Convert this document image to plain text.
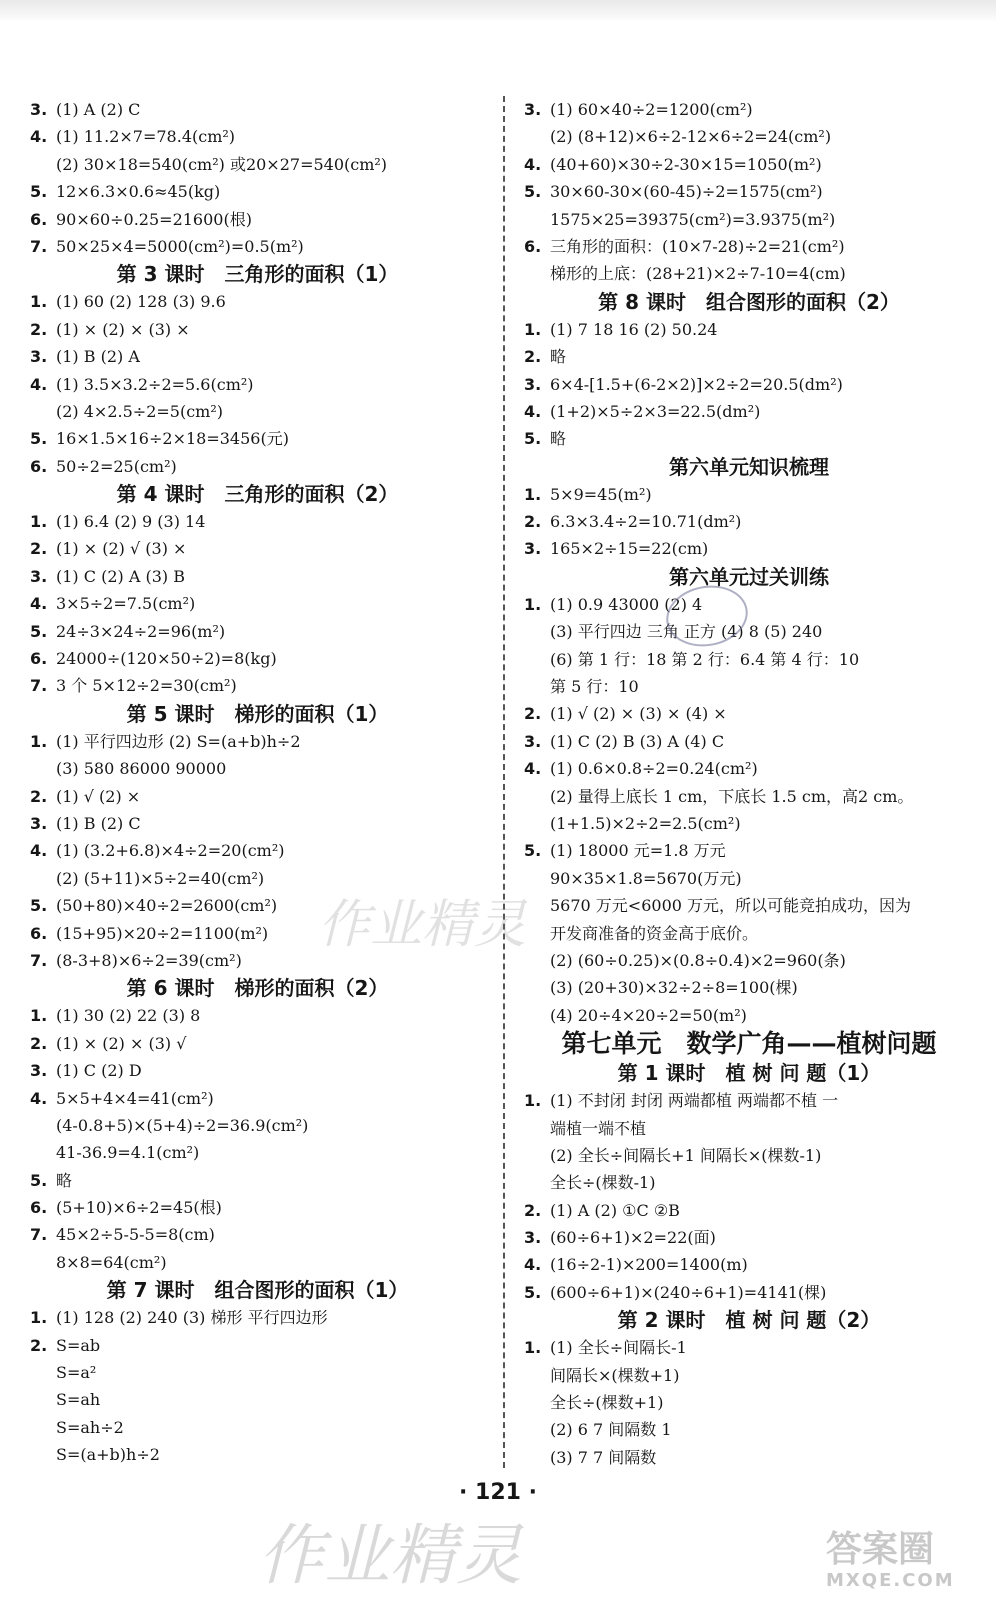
3. (1) A (2) C
4. (1) 11.2×7=78.4(cm²)
(2) 30×18=540(cm²) 或20×27=540(cm²)
5. 12×6.3×0.6≈45(kg)
6. 90×60÷0.25=21600(根)
7. 50×25×4=5000(cm²)=0.5(m²)
第 3 课时　三角形的面积（1）
1. (1) 60 (2) 128 (3) 9.6
2. (1) × (2) × (3) ×
3. (1) B (2) A
4. (1) 3.5×3.2÷2=5.6(cm²)
(2) 4×2.5÷2=5(cm²)
5. 16×1.5×16÷2×18=3456(元)
6. 50÷2=25(cm²)
第 4 课时　三角形的面积（2）
1. (1) 6.4 (2) 9 (3) 14
2. (1) × (2) √ (3) ×
3. (1) C (2) A (3) B
4. 3×5÷2=7.5(cm²)
5. 24÷3×24÷2=96(m²)
6. 24000÷(120×50÷2)=8(kg)
7. 3 个 5×12÷2=30(cm²)
第 5 课时　梯形的面积（1）
1. (1) 平行四边形 (2) S=(a+b)h÷2
(3) 580 86000 90000
2. (1) √ (2) ×
3. (1) B (2) C
4. (1) (3.2+6.8)×4÷2=20(cm²)
(2) (5+11)×5÷2=40(cm²)
5. (50+80)×40÷2=2600(cm²)
6. (15+95)×20÷2=1100(m²)
7. (8-3+8)×6÷2=39(cm²)
第 6 课时　梯形的面积（2）
1. (1) 30 (2) 22 (3) 8
2. (1) × (2) × (3) √
3. (1) C (2) D
4. 5×5+4×4=41(cm²)
(4-0.8+5)×(5+4)÷2=36.9(cm²)
41-36.9=4.1(cm²)
5. 略
6. (5+10)×6÷2=45(根)
7. 45×2÷5-5-5=8(cm)
8×8=64(cm²)
第 7 课时　组合图形的面积（1）
1. (1) 128 (2) 240 (3) 梯形 平行四边形
2. S=ab
S=a²
S=ah
S=ah÷2
S=(a+b)h÷2
3. (1) 60×40÷2=1200(cm²)
(2) (8+12)×6÷2-12×6÷2=24(cm²)
4. (40+60)×30÷2-30×15=1050(m²)
5. 30×60-30×(60-45)÷2=1575(cm²)
1575×25=39375(cm²)=3.9375(m²)
6. 三角形的面积：(10×7-28)÷2=21(cm²)
梯形的上底：(28+21)×2÷7-10=4(cm)
第 8 课时　组合图形的面积（2）
1. (1) 7 18 16 (2) 50.24
2. 略
3. 6×4-[1.5+(6-2×2)]×2÷2=20.5(dm²)
4. (1+2)×5÷2×3=22.5(dm²)
5. 略
第六单元知识梳理
1. 5×9=45(m²)
2. 6.3×3.4÷2=10.71(dm²)
3. 165×2÷15=22(cm)
第六单元过关训练
1. (1) 0.9 43000 (2) 4
(3) 平行四边 三角 正方 (4) 8 (5) 240
(6) 第 1 行：18 第 2 行：6.4 第 4 行：10
第 5 行：10
2. (1) √ (2) × (3) × (4) ×
3. (1) C (2) B (3) A (4) C
4. (1) 0.6×0.8÷2=0.24(cm²)
(2) 量得上底长 1 cm，下底长 1.5 cm，高2 cm。
(1+1.5)×2÷2=2.5(cm²)
5. (1) 18000 元=1.8 万元
90×35×1.8=5670(万元)
5670 万元<6000 万元，所以可能竞拍成功，因为
开发商准备的资金高于底价。
(2) (60÷0.25)×(0.8÷0.4)×2=960(条)
(3) (20+30)×32÷2÷8=100(棵)
(4) 20÷4×20÷2=50(m²)
第七单元　数学广角——植树问题
第 1 课时　植 树 问 题（1）
1. (1) 不封闭 封闭 两端都植 两端都不植 一
端植一端不植
(2) 全长÷间隔长+1 间隔长×(棵数-1)
全长÷(棵数-1)
2. (1) A (2) ①C ②B
3. (60÷6+1)×2=22(面)
4. (16÷2-1)×200=1400(m)
5. (600÷6+1)×(240÷6+1)=4141(棵)
第 2 课时　植 树 问 题（2）
1. (1) 全长÷间隔长-1
间隔长×(棵数+1)
全长÷(棵数+1)
(2) 6 7 间隔数 1
(3) 7 7 间隔数
作业精灵
· 121 ·
作业精灵	答案圈
MXQE.COM
